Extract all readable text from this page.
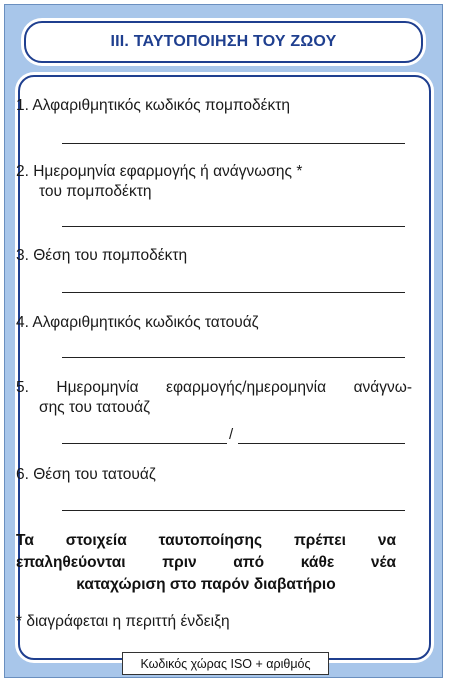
III. ΤΑΥΤΟΠΟΙΗΣΗ ΤΟΥ ΖΩΟΥ
1. Αλφαριθμητικός κωδικός πομποδέκτη
2. Ημερομηνία εφαρμογής ή ανάγνωσης *
του πομποδέκτη
3. Θέση του πομποδέκτη
4. Αλφαριθμητικός κωδικός τατουάζ
5. Ημερομηνία εφαρμογής/ημερομηνία ανάγνω-
σης του τατουάζ
/
6. Θέση του τατουάζ
Τα στοιχεία ταυτοποίησης πρέπει να
επαληθεύονται πριν από κάθε νέα
καταχώριση στο παρόν διαβατήριο
* διαγράφεται η περιττή ένδειξη
Κωδικός χώρας ISO + αριθμός
